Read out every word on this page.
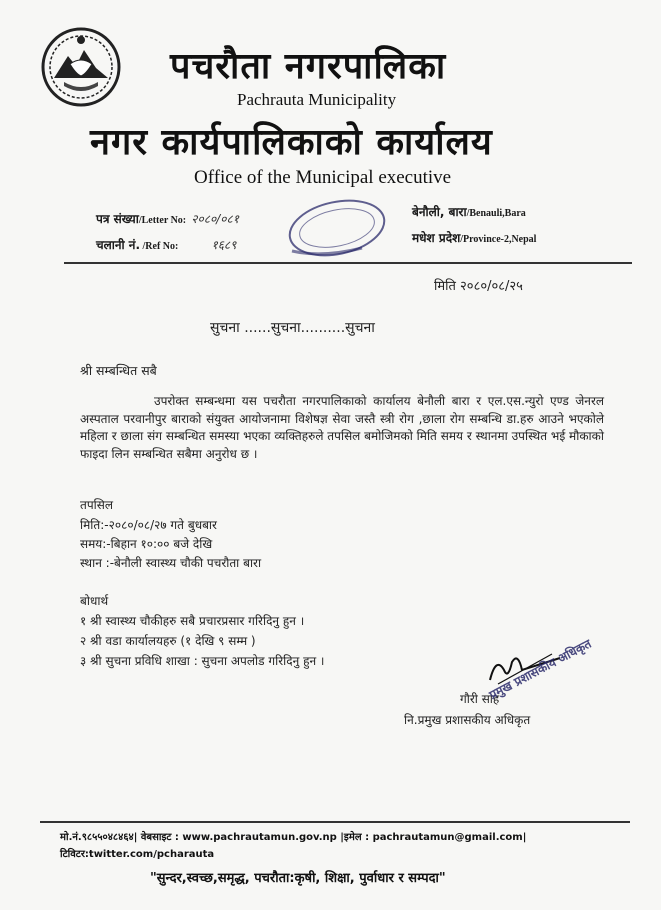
पचरौता नगरपालिका
Pachrauta Municipality
नगर कार्यपालिकाको कार्यालय
Office of the Municipal executive
पत्र संख्या/Letter No: २०८०/०८१
चलानी नं. /Ref No:	१६८९
बेनौली, बारा/Benauli,Bara
मधेश प्रदेश/Province-2,Nepal
मिति २०८०/०८/२५
सुचना ......सुचना..........सुचना
श्री सम्बन्धित सबै
उपरोक्त सम्बन्धमा यस पचरौता नगरपालिकाको कार्यालय बेनौली बारा र एल.एस.न्युरो एण्ड जेनरल अस्पताल परवानीपुर बाराको संयुक्त आयोजनामा विशेषज्ञ सेवा जस्तै स्त्री रोग ,छाला रोग सम्बन्धि डा.हरु आउने भएकोले महिला र छाला संग सम्बन्धित समस्या भएका व्यक्तिहरुले तपसिल बमोजिमको मिति समय र स्थानमा उपस्थित भई मौकाको फाइदा लिन सम्बन्धित सबैमा अनुरोध छ ।
तपसिल
मिति:-२०८०/०८/२७ गते बुधबार
समय:-बिहान १०:०० बजे देखि
स्थान :-बेनौली स्वास्थ्य चौकी पचरौता बारा
बोधार्थ
१ श्री स्वास्थ्य चौकीहरु सबै प्रचारप्रसार गरिदिनु हुन ।
२ श्री वडा कार्यालयहरु (१ देखि ९ सम्म )
३ श्री सुचना प्रविधि शाखा : सुचना अपलोड गरिदिनु हुन ।
गौरी साह
नि.प्रमुख प्रशासकीय अधिकृत
प्रमुख प्रशासकीय अधिकृत
मो.नं.९८५५०४८४६४| वेबसाइट : www.pachrautamun.gov.np |इमेल : pachrautamun@gmail.com|
टिविटर:twitter.com/pcharauta
"सुन्दर,स्वच्छ,समृद्ध, पचरौता:कृषी, शिक्षा, पुर्वाधार र सम्पदा"
